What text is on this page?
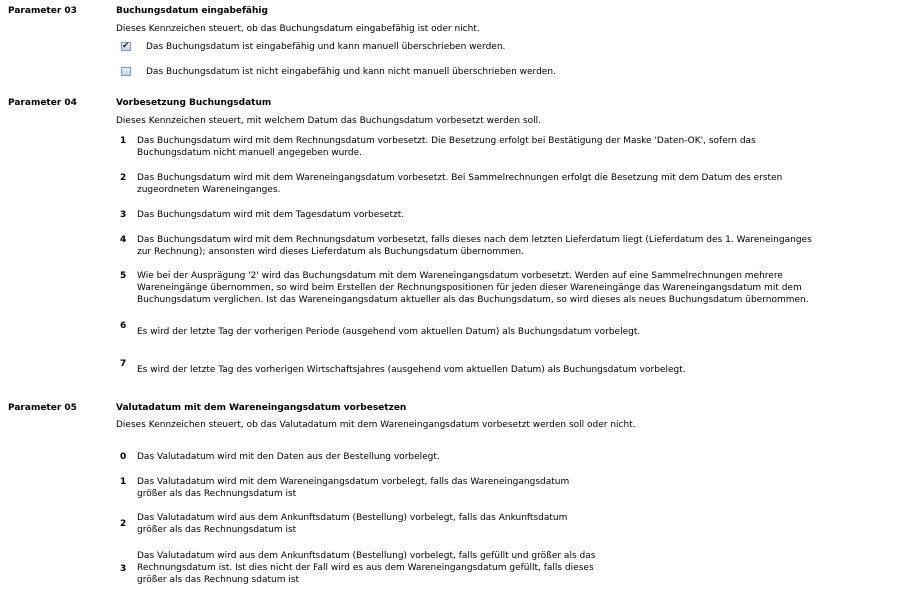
Parameter 03	Buchungsdatum eingabefähig
Dieses Kennzeichen steuert, ob das Buchungsdatum eingabefähig ist oder nicht.
✔
Das Buchungsdatum ist eingabefähig und kann manuell überschrieben werden.
Das Buchungsdatum ist nicht eingabefähig und kann nicht manuell überschrieben werden.
Parameter 04	Vorbesetzung Buchungsdatum
Dieses Kennzeichen steuert, mit welchem Datum das Buchungsdatum vorbesetzt werden soll.
1 Das Buchungsdatum wird mit dem Rechnungsdatum vorbesetzt. Die Besetzung erfolgt bei Bestätigung der Maske 'Daten-OK', sofern das
Buchungsdatum nicht manuell angegeben wurde.
2 Das Buchungsdatum wird mit dem Wareneingangsdatum vorbesetzt. Bei Sammelrechnungen erfolgt die Besetzung mit dem Datum des ersten
zugeordneten Wareneinganges.
3 Das Buchungsdatum wird mit dem Tagesdatum vorbesetzt.
4 Das Buchungsdatum wird mit dem Rechnungsdatum vorbesetzt, falls dieses nach dem letzten Lieferdatum liegt (Lieferdatum des 1. Wareneinganges
zur Rechnung); ansonsten wird dieses Lieferdatum als Buchungsdatum übernommen.
5 Wie bei der Ausprägung '2' wird das Buchungsdatum mit dem Wareneingangsdatum vorbesetzt. Werden auf eine Sammelrechnungen mehrere
Wareneingänge übernommen, so wird beim Erstellen der Rechnungspositionen für jeden dieser Wareneingänge das Wareneingangsdatum mit dem
Buchungsdatum verglichen. Ist das Wareneingangsdatum aktueller als das Buchungsdatum, so wird dieses als neues Buchungsdatum übernommen.
6
Es wird der letzte Tag der vorherigen Periode (ausgehend vom aktuellen Datum) als Buchungsdatum vorbelegt.
7
Es wird der letzte Tag des vorherigen Wirtschaftsjahres (ausgehend vom aktuellen Datum) als Buchungsdatum vorbelegt.
Parameter 05	Valutadatum mit dem Wareneingangsdatum vorbesetzen
Dieses Kennzeichen steuert, ob das Valutadatum mit dem Wareneingangsdatum vorbesetzt werden soll oder nicht.
0 Das Valutadatum wird mit den Daten aus der Bestellung vorbelegt.
1 Das Valutadatum wird mit dem Wareneingangsdatum vorbelegt, falls das Wareneingangsdatum
größer als das Rechnungsdatum ist
2
Das Valutadatum wird aus dem Ankunftsdatum (Bestellung) vorbelegt, falls das Ankunftsdatum
größer als das Rechnungsdatum ist
3
Das Valutadatum wird aus dem Ankunftsdatum (Bestellung) vorbelegt, falls gefüllt und größer als das
Rechnungsdatum ist. Ist dies nicht der Fall wird es aus dem Wareneingangsdatum gefüllt, falls dieses
größer als das Rechnung sdatum ist
